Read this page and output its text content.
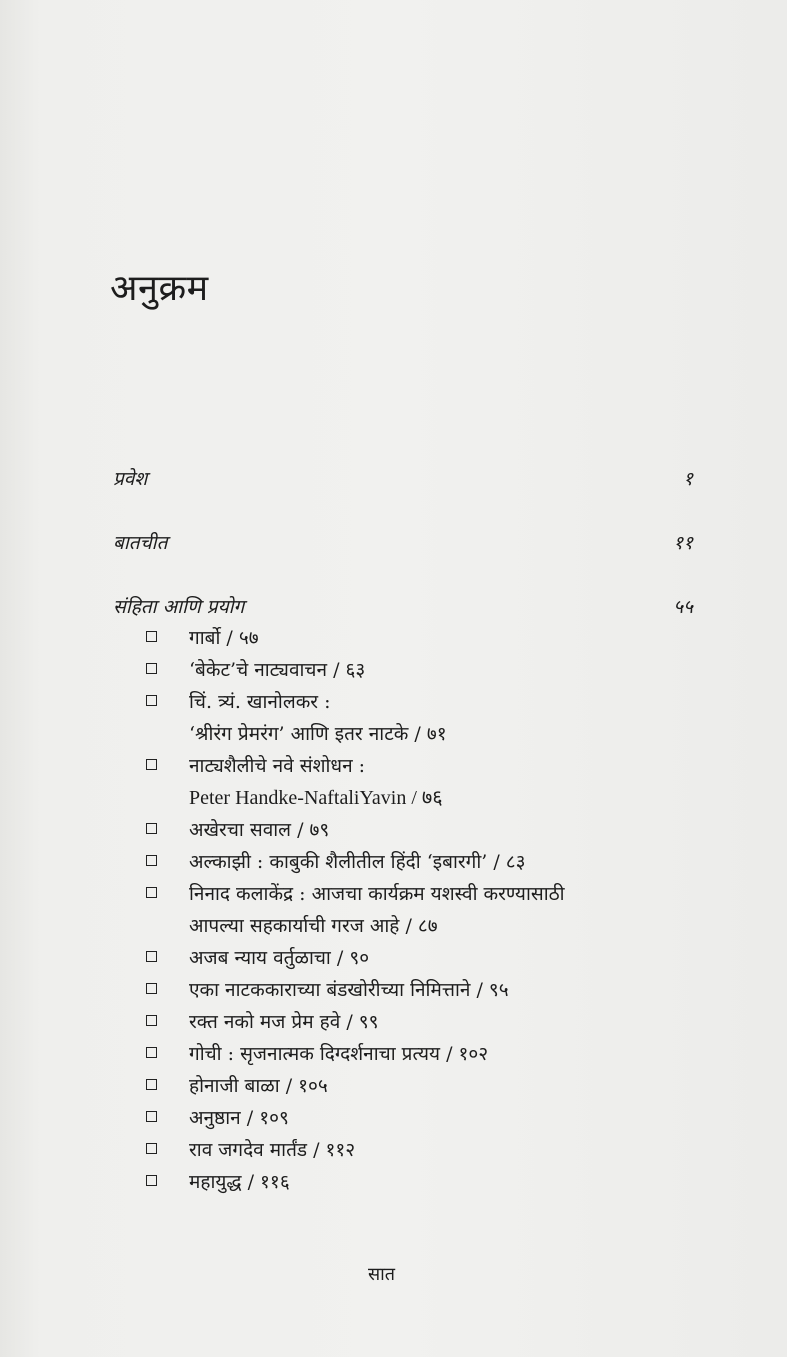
अनुक्रम
प्रवेश	१
बातचीत	११
संहिता आणि प्रयोग	५५
गार्बो / ५७
‘बेकेट’चे नाट्यवाचन / ६३
चिं. त्र्यं. खानोलकर :
‘श्रीरंग प्रेमरंग’ आणि इतर नाटके / ७१
नाट्यशैलीचे नवे संशोधन :
Peter Handke-NaftaliYavin / ७६
अखेरचा सवाल / ७९
अल्काझी : काबुकी शैलीतील हिंदी ‘इबारगी’ / ८३
निनाद कलाकेंद्र : आजचा कार्यक्रम यशस्वी करण्यासाठी
आपल्या सहकार्याची गरज आहे / ८७
अजब न्याय वर्तुळाचा / ९०
एका नाटककाराच्या बंडखोरीच्या निमित्ताने / ९५
रक्त नको मज प्रेम हवे / ९९
गोची : सृजनात्मक दिग्दर्शनाचा प्रत्यय / १०२
होनाजी बाळा / १०५
अनुष्ठान / १०९
राव जगदेव मार्तंड / ११२
महायुद्ध / ११६
सात
